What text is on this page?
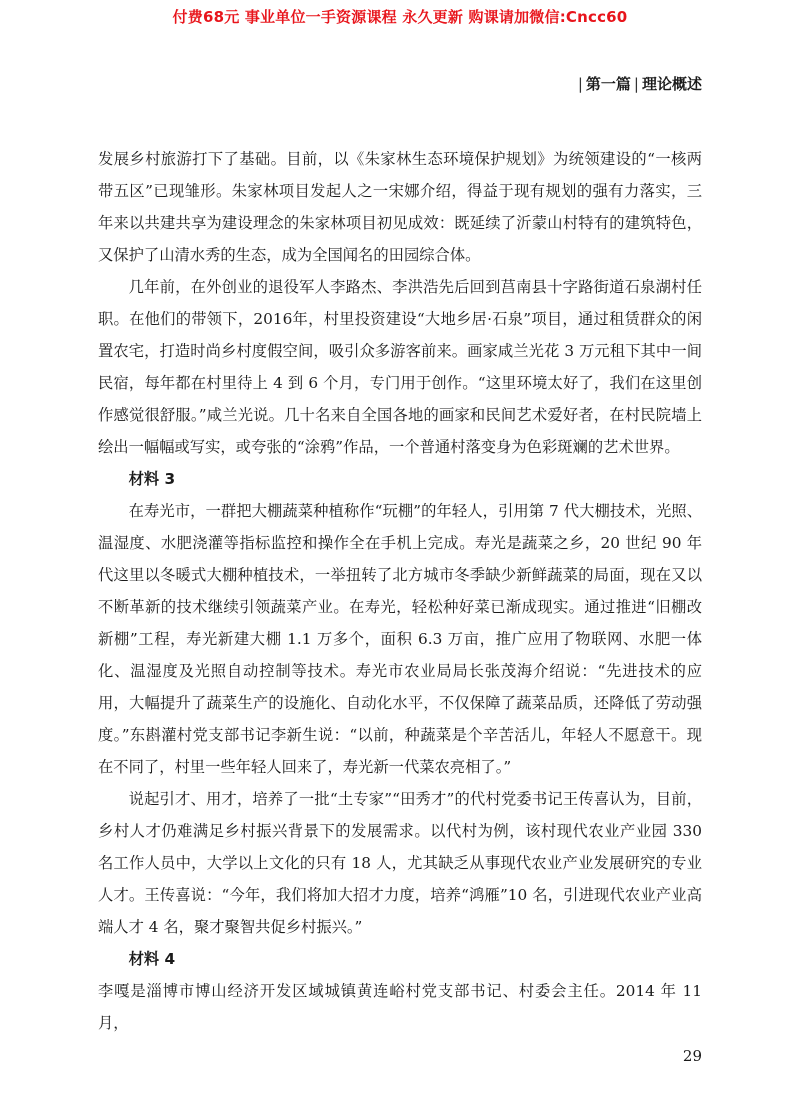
付费68元 事业单位一手资源课程 永久更新 购课请加微信:Cncc60
| 第一篇 | 理论概述

发展乡村旅游打下了基础。目前，以《朱家林生态环境保护规划》为统领建设的“一核两带五区”已现雏形。朱家林项目发起人之一宋娜介绍，得益于现有规划的强有力落实，三年来以共建共享为建设理念的朱家林项目初见成效：既延续了沂蒙山村特有的建筑特色，又保护了山清水秀的生态，成为全国闻名的田园综合体。

几年前，在外创业的退役军人李路杰、李洪浩先后回到莒南县十字路街道石泉湖村任职。在他们的带领下，2016年，村里投资建设“大地乡居·石泉”项目，通过租赁群众的闲置农宅，打造时尚乡村度假空间，吸引众多游客前来。画家咸兰光花 3 万元租下其中一间民宿，每年都在村里待上 4 到 6 个月，专门用于创作。“这里环境太好了，我们在这里创作感觉很舒服。”咸兰光说。几十名来自全国各地的画家和民间艺术爱好者，在村民院墙上绘出一幅幅或写实，或夸张的“涂鸦”作品，一个普通村落变身为色彩斑斓的艺术世界。

材料 3

在寿光市，一群把大棚蔬菜种植称作“玩棚”的年轻人，引用第 7 代大棚技术，光照、温湿度、水肥浇灌等指标监控和操作全在手机上完成。寿光是蔬菜之乡，20 世纪 90 年代这里以冬暖式大棚种植技术，一举扭转了北方城市冬季缺少新鲜蔬菜的局面，现在又以不断革新的技术继续引领蔬菜产业。在寿光，轻松种好菜已渐成现实。通过推进“旧棚改新棚”工程，寿光新建大棚 1.1 万多个，面积 6.3 万亩，推广应用了物联网、水肥一体化、温湿度及光照自动控制等技术。寿光市农业局局长张茂海介绍说：“先进技术的应用，大幅提升了蔬菜生产的设施化、自动化水平，不仅保障了蔬菜品质，还降低了劳动强度。”东斟灌村党支部书记李新生说：“以前，种蔬菜是个辛苦活儿，年轻人不愿意干。现在不同了，村里一些年轻人回来了，寿光新一代菜农亮相了。”

说起引才、用才，培养了一批“土专家”“田秀才”的代村党委书记王传喜认为，目前，乡村人才仍难满足乡村振兴背景下的发展需求。以代村为例，该村现代农业产业园 330 名工作人员中，大学以上文化的只有 18 人，尤其缺乏从事现代农业产业发展研究的专业人才。王传喜说：“今年，我们将加大招才力度，培养“鸿雁”10 名，引进现代农业产业高端人才 4 名，聚才聚智共促乡村振兴。”

材料 4

李嘎是淄博市博山经济开发区域城镇黄连峪村党支部书记、村委会主任。2014 年 11 月，

29
